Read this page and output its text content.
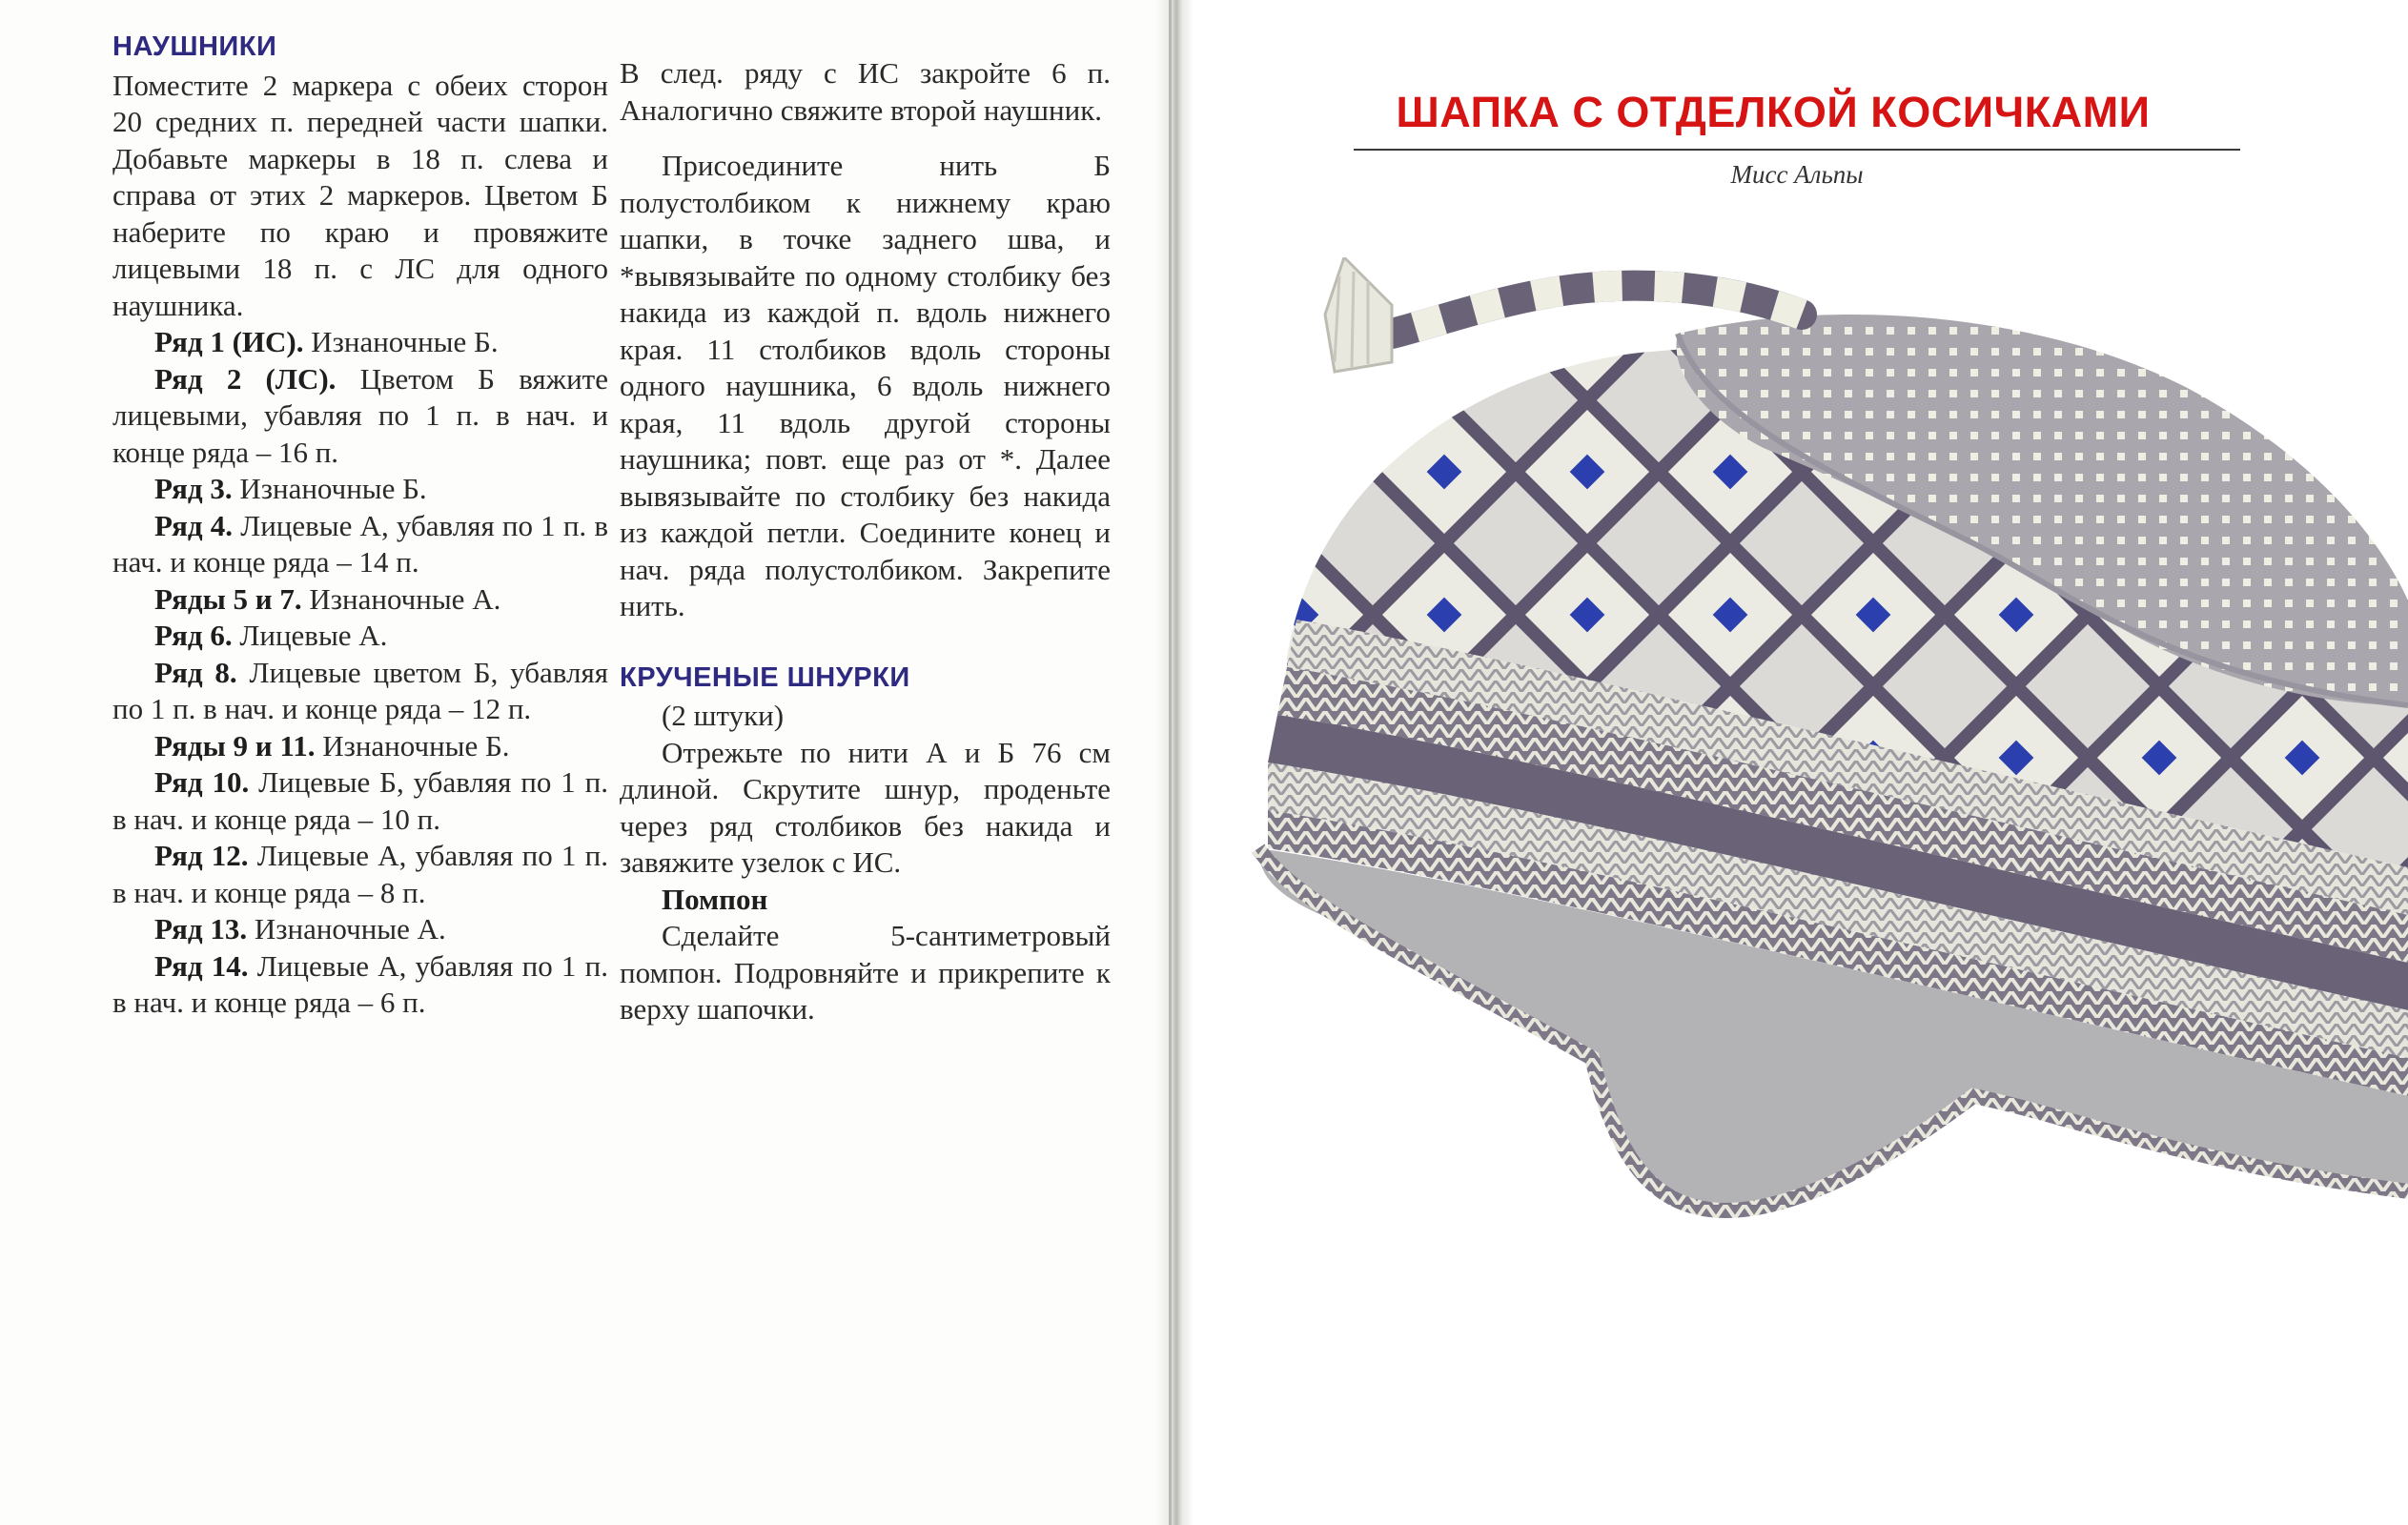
НАУШНИКИ

Поместите 2 маркера с обеих сторон 20 средних п. передней части шапки. Добавьте маркеры в 18 п. слева и справа от этих 2 маркеров. Цветом Б наберите по краю и провяжите лицевыми 18 п. с ЛС для одного наушника.

Ряд 1 (ИС). Изнаночные Б.

Ряд 2 (ЛС). Цветом Б вяжите лицевыми, убавляя по 1 п. в нач. и конце ряда – 16 п.

Ряд 3. Изнаночные Б.

Ряд 4. Лицевые А, убавляя по 1 п. в нач. и конце ряда – 14 п.

Ряды 5 и 7. Изнаночные А.

Ряд 6. Лицевые А.

Ряд 8. Лицевые цветом Б, убавляя по 1 п. в нач. и конце ряда – 12 п.

Ряды 9 и 11. Изнаночные Б.

Ряд 10. Лицевые Б, убавляя по 1 п. в нач. и конце ряда – 10 п.

Ряд 12. Лицевые А, убавляя по 1 п. в нач. и конце ряда – 8 п.

Ряд 13. Изнаночные А.

Ряд 14. Лицевые А, убавляя по 1 п. в нач. и конце ряда – 6 п.

В след. ряду с ИС закройте 6 п. Аналогично свяжите второй наушник.

Присоедините нить Б полустолбиком к нижнему краю шапки, в точке заднего шва, и *вывязывайте по одному столбику без накида из каждой п. вдоль нижнего края. 11 столбиков вдоль стороны одного наушника, 6 вдоль нижнего края, 11 вдоль другой стороны наушника; повт. еще раз от *. Далее вывязывайте по столбику без накида из каждой петли. Соедините конец и нач. ряда полустолбиком. Закрепите нить.

КРУЧЕНЫЕ ШНУРКИ

(2 штуки)

Отрежьте по нити А и Б 76 см длиной. Скрутите шнур, проденьте через ряд столбиков без накида и завяжите узелок с ИС.

Помпон

Сделайте 5-сантиметровый помпон. Подровняйте и прикрепите к верху шапочки.

ШАПКА С ОТДЕЛКОЙ КОСИЧКАМИ
Мисс Альпы
